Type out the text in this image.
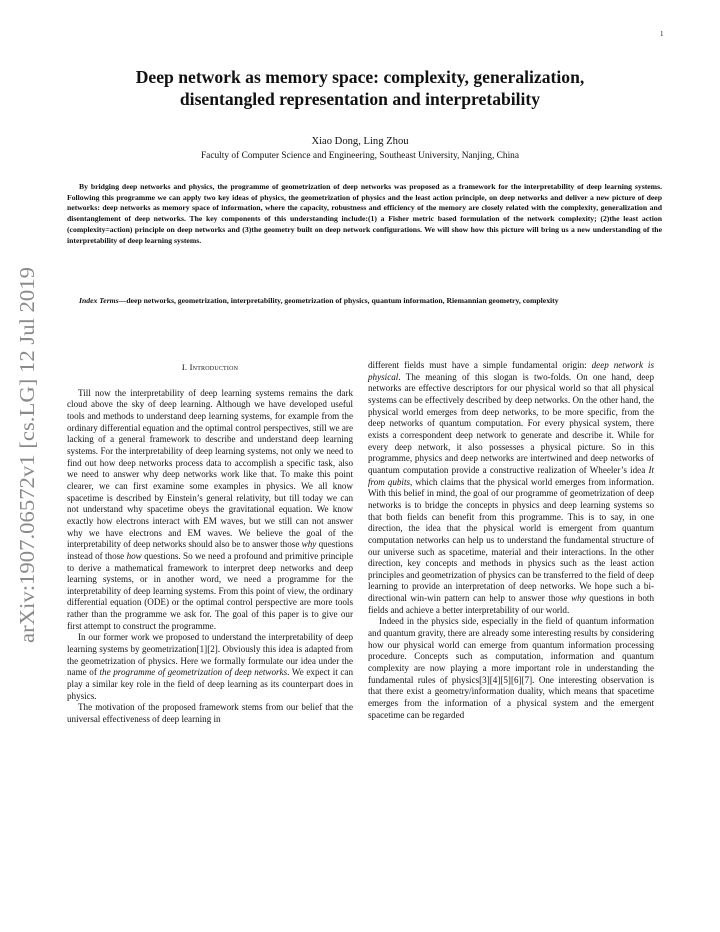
1
arXiv:1907.06572v1 [cs.LG] 12 Jul 2019
Deep network as memory space: complexity, generalization,
disentangled representation and interpretability
Xiao Dong, Ling Zhou
Faculty of Computer Science and Engineering, Southeast University, Nanjing, China

By bridging deep networks and physics, the programme of geometrization of deep networks was proposed as a framework for the interpretability of deep learning systems. Following this programme we can apply two key ideas of physics, the geometrization of physics and the least action principle, on deep networks and deliver a new picture of deep networks: deep networks as memory space of information, where the capacity, robustness and efficiency of the memory are closely related with the complexity, generalization and disentanglement of deep networks. The key components of this understanding include:(1) a Fisher metric based formulation of the network complexity; (2)the least action (complexity=action) principle on deep networks and (3)the geometry built on deep network configurations. We will show how this picture will bring us a new understanding of the interpretability of deep learning systems.

Index Terms—deep networks, geometrization, interpretability, geometrization of physics, quantum information, Riemannian geometry, complexity

I. Introduction

Till now the interpretability of deep learning systems remains the dark cloud above the sky of deep learning. Although we have developed useful tools and methods to understand deep learning systems, for example from the ordinary differential equation and the optimal control perspectives, still we are lacking of a general framework to describe and understand deep learning systems. For the interpretability of deep learning systems, not only we need to find out how deep networks process data to accomplish a specific task, also we need to answer why deep networks work like that. To make this point clearer, we can first examine some examples in physics. We all know spacetime is described by Einstein’s general relativity, but till today we can not understand why spacetime obeys the gravitational equation. We know exactly how electrons interact with EM waves, but we still can not answer why we have electrons and EM waves. We believe the goal of the interpretability of deep networks should also be to answer those why questions instead of those how questions. So we need a profound and primitive principle to derive a mathematical framework to interpret deep networks and deep learning systems, or in another word, we need a programme for the interpretability of deep learning systems. From this point of view, the ordinary differential equation (ODE) or the optimal control perspective are more tools rather than the programme we ask for. The goal of this paper is to give our first attempt to construct the programme.

In our former work we proposed to understand the interpretability of deep learning systems by geometrization[1][2]. Obviously this idea is adapted from the geometrization of physics. Here we formally formulate our idea under the name of the programme of geometrization of deep networks. We expect it can play a similar key role in the field of deep learning as its counterpart does in physics.

The motivation of the proposed framework stems from our belief that the universal effectiveness of deep learning in

different fields must have a simple fundamental origin: deep network is physical. The meaning of this slogan is two-folds. On one hand, deep networks are effective descriptors for our physical world so that all physical systems can be effectively described by deep networks. On the other hand, the physical world emerges from deep networks, to be more specific, from the deep networks of quantum computation. For every physical system, there exists a correspondent deep network to generate and describe it. While for every deep network, it also possesses a physical picture. So in this programme, physics and deep networks are intertwined and deep networks of quantum computation provide a constructive realization of Wheeler’s idea It from qubits, which claims that the physical world emerges from information. With this belief in mind, the goal of our programme of geometrization of deep networks is to bridge the concepts in physics and deep learning systems so that both fields can benefit from this programme. This is to say, in one direction, the idea that the physical world is emergent from quantum computation networks can help us to understand the fundamental structure of our universe such as spacetime, material and their interactions. In the other direction, key concepts and methods in physics such as the least action principles and geometrization of physics can be transferred to the field of deep learning to provide an interpretation of deep networks. We hope such a bi-directional win-win pattern can help to answer those why questions in both fields and achieve a better interpretability of our world.

Indeed in the physics side, especially in the field of quantum information and quantum gravity, there are already some interesting results by considering how our physical world can emerge from quantum information processing procedure. Concepts such as computation, information and quantum complexity are now playing a more important role in understanding the fundamental rules of physics[3][4][5][6][7]. One interesting observation is that there exist a geometry/information duality, which means that spacetime emerges from the information of a physical system and the emergent spacetime can be regarded
